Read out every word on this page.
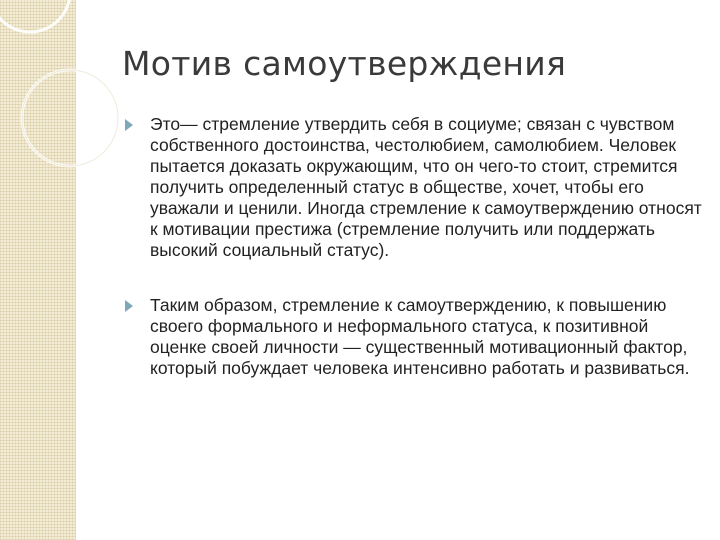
Мотив самоутверждения

Это— стремление утвердить себя в социуме; связан с чувством собственного достоинства, честолюбием, самолюбием. Человек пытается доказать окружающим, что он чего-то стоит, стремится получить определенный статус в обществе, хочет, чтобы его уважали и ценили. Иногда стремление к самоутверждению относят к мотивации престижа (стремление получить или поддержать высокий социальный статус).

Таким образом, стремление к самоутверждению, к повышению своего формального и неформального статуса, к позитивной оценке своей личности — существенный мотивационный фактор, который побуждает человека интенсивно работать и развиваться.
